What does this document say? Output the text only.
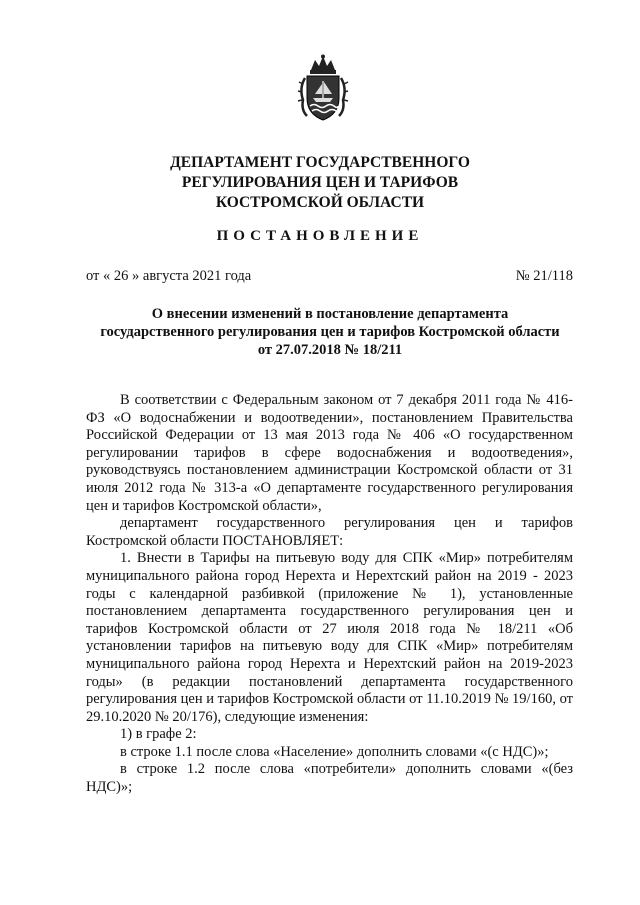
ДЕПАРТАМЕНТ ГОСУДАРСТВЕННОГО
РЕГУЛИРОВАНИЯ ЦЕН И ТАРИФОВ
КОСТРОМСКОЙ ОБЛАСТИ
ПОСТАНОВЛЕНИЕ
от « 26 » августа 2021 года	№ 21/118
О внесении изменений в постановление департамента
государственного регулирования цен и тарифов Костромской области
от 27.07.2018 № 18/211

В соответствии с Федеральным законом от 7 декабря 2011 года № 416-ФЗ «О водоснабжении и водоотведении», постановлением Правительства Российской Федерации от 13 мая 2013 года № 406 «О государственном регулировании тарифов в сфере водоснабжения и водоотведения», руководствуясь постановлением администрации Костромской области от 31 июля 2012 года № 313-а «О департаменте государственного регулирования цен и тарифов Костромской области»,

департамент государственного регулирования цен и тарифов Костромской области ПОСТАНОВЛЯЕТ:

1. Внести в Тарифы на питьевую воду для СПК «Мир» потребителям муниципального района город Нерехта и Нерехтский район на 2019 - 2023 годы с календарной разбивкой (приложение № 1), установленные постановлением департамента государственного регулирования цен и тарифов Костромской области от 27 июля 2018 года № 18/211 «Об установлении тарифов на питьевую воду для СПК «Мир» потребителям муниципального района город Нерехта и Нерехтский район на 2019-2023 годы» (в редакции постановлений департамента государственного регулирования цен и тарифов Костромской области от 11.10.2019 № 19/160, от 29.10.2020 № 20/176), следующие изменения:

1) в графе 2:

в строке 1.1 после слова «Население» дополнить словами «(с НДС)»;

в строке 1.2 после слова «потребители» дополнить словами «(без НДС)»;
